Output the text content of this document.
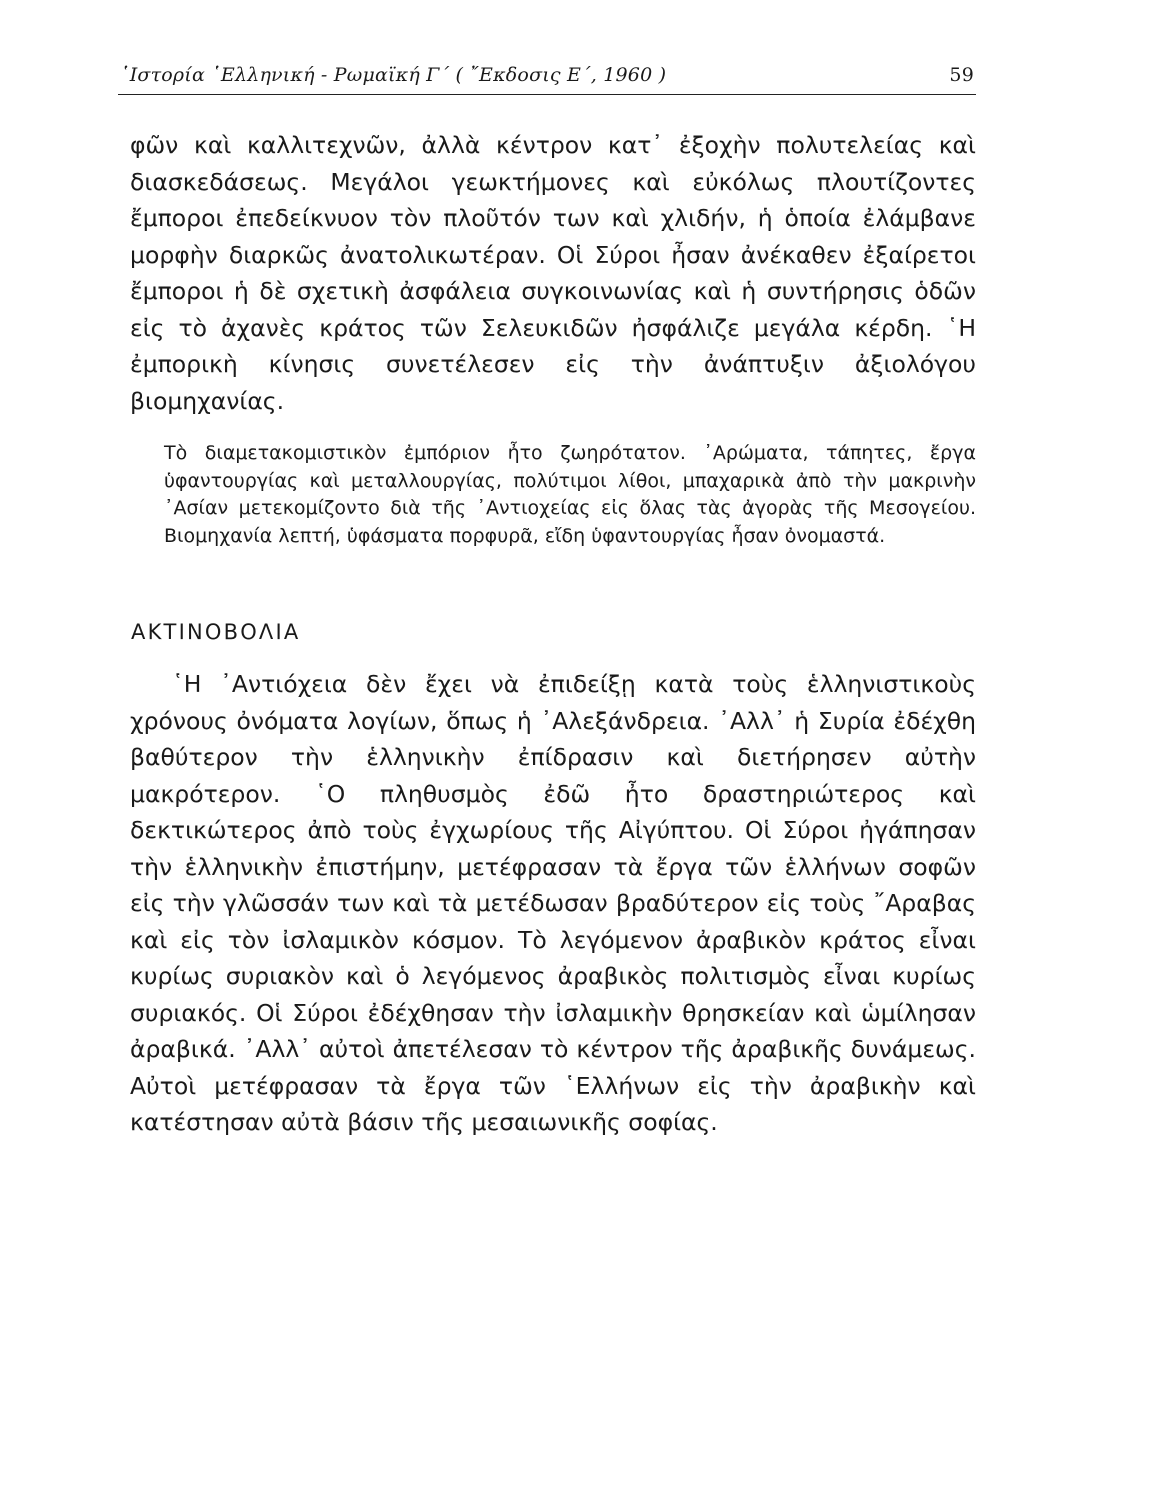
῾Ιστορία ῾Ελληνική - Ρωμαϊκή Γ΄ ( ῎Εκδοσις Ε΄, 1960 )	59
φῶν καὶ καλλιτεχνῶν, ἀλλὰ κέντρον κατ᾽ ἐξοχὴν πολυτελείας καὶ διασκεδάσεως. Μεγάλοι γεωκτήμονες καὶ εὐκόλως πλουτίζοντες ἔμποροι ἐπεδείκνυον τὸν πλοῦτόν των καὶ χλιδήν, ἡ ὁποία ἐλάμβανε μορφὴν διαρκῶς ἀνατολικωτέραν. Οἱ Σύροι ἦσαν ἀνέκαθεν ἐξαίρετοι ἔμποροι ἡ δὲ σχετικὴ ἀσφάλεια συγκοινωνίας καὶ ἡ συντήρησις ὁδῶν εἰς τὸ ἀχανὲς κράτος τῶν Σελευκιδῶν ἠσφάλιζε μεγάλα κέρδη. ῾Η ἐμπορικὴ κίνησις συνετέλεσεν εἰς τὴν ἀνάπτυξιν ἀξιολόγου βιομηχανίας.
Τὸ διαμετακομιστικὸν ἐμπόριον ἦτο ζωηρότατον. ᾿Αρώματα, τάπητες, ἔργα ὑφαντουργίας καὶ μεταλλουργίας, πολύτιμοι λίθοι, μπαχαρικὰ ἀπὸ τὴν μακρινὴν ᾿Ασίαν μετεκομίζοντο διὰ τῆς ᾿Αντιοχείας εἰς ὅλας τὰς ἀγορὰς τῆς Μεσογείου. Βιομηχανία λεπτή, ὑφάσματα πορφυρᾶ, εἴδη ὑφαντουργίας ἦσαν ὀνομαστά.
ΑΚΤΙΝΟΒΟΛΙΑ
῾Η ᾿Αντιόχεια δὲν ἔχει νὰ ἐπιδείξῃ κατὰ τοὺς ἑλληνιστικοὺς χρόνους ὀνόματα λογίων, ὅπως ἡ ᾿Αλεξάνδρεια. ᾿Αλλ᾽ ἡ Συρία ἐδέχθη βαθύτερον τὴν ἑλληνικὴν ἐπίδρασιν καὶ διετήρησεν αὐτὴν μακρότερον. ῾Ο πληθυσμὸς ἐδῶ ἦτο δραστηριώτερος καὶ δεκτικώτερος ἀπὸ τοὺς ἐγχωρίους τῆς Αἰγύπτου. Οἱ Σύροι ἠγάπησαν τὴν ἑλληνικὴν ἐπιστήμην, μετέφρασαν τὰ ἔργα τῶν ἑλλήνων σοφῶν εἰς τὴν γλῶσσάν των καὶ τὰ μετέδωσαν βραδύτερον εἰς τοὺς ῎Αραβας καὶ εἰς τὸν ἰσλαμικὸν κόσμον. Τὸ λεγόμενον ἀραβικὸν κράτος εἶναι κυρίως συριακὸν καὶ ὁ λεγόμενος ἀραβικὸς πολιτισμὸς εἶναι κυρίως συριακός. Οἱ Σύροι ἐδέχθησαν τὴν ἰσλαμικὴν θρησκείαν καὶ ὡμίλησαν ἀραβικά. ᾿Αλλ᾽ αὐτοὶ ἀπετέλεσαν τὸ κέντρον τῆς ἀραβικῆς δυνάμεως. Αὐτοὶ μετέφρασαν τὰ ἔργα τῶν ῾Ελλήνων εἰς τὴν ἀραβικὴν καὶ κατέστησαν αὐτὰ βάσιν τῆς μεσαιωνικῆς σοφίας.
